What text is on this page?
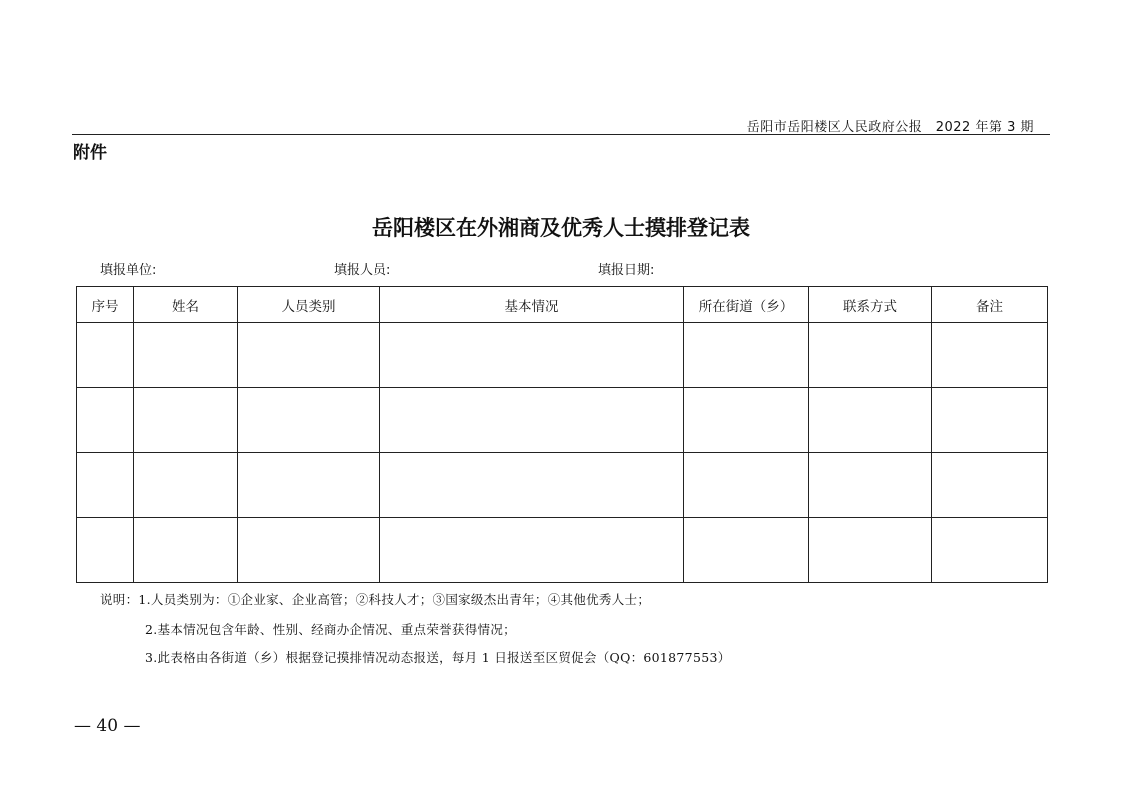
岳阳市岳阳楼区人民政府公报　2022 年第 3 期
附件
岳阳楼区在外湘商及优秀人士摸排登记表
填报单位:	填报人员:	填报日期:
序号	姓名	人员类别	基本情况	所在街道（乡）	联系方式	备注

说明：1.人员类别为：①企业家、企业高管；②科技人才；③国家级杰出青年；④其他优秀人士；
2.基本情况包含年龄、性别、经商办企情况、重点荣誉获得情况；
3.此表格由各街道（乡）根据登记摸排情况动态报送，每月 1 日报送至区贸促会（QQ：601877553）
— 40 —
